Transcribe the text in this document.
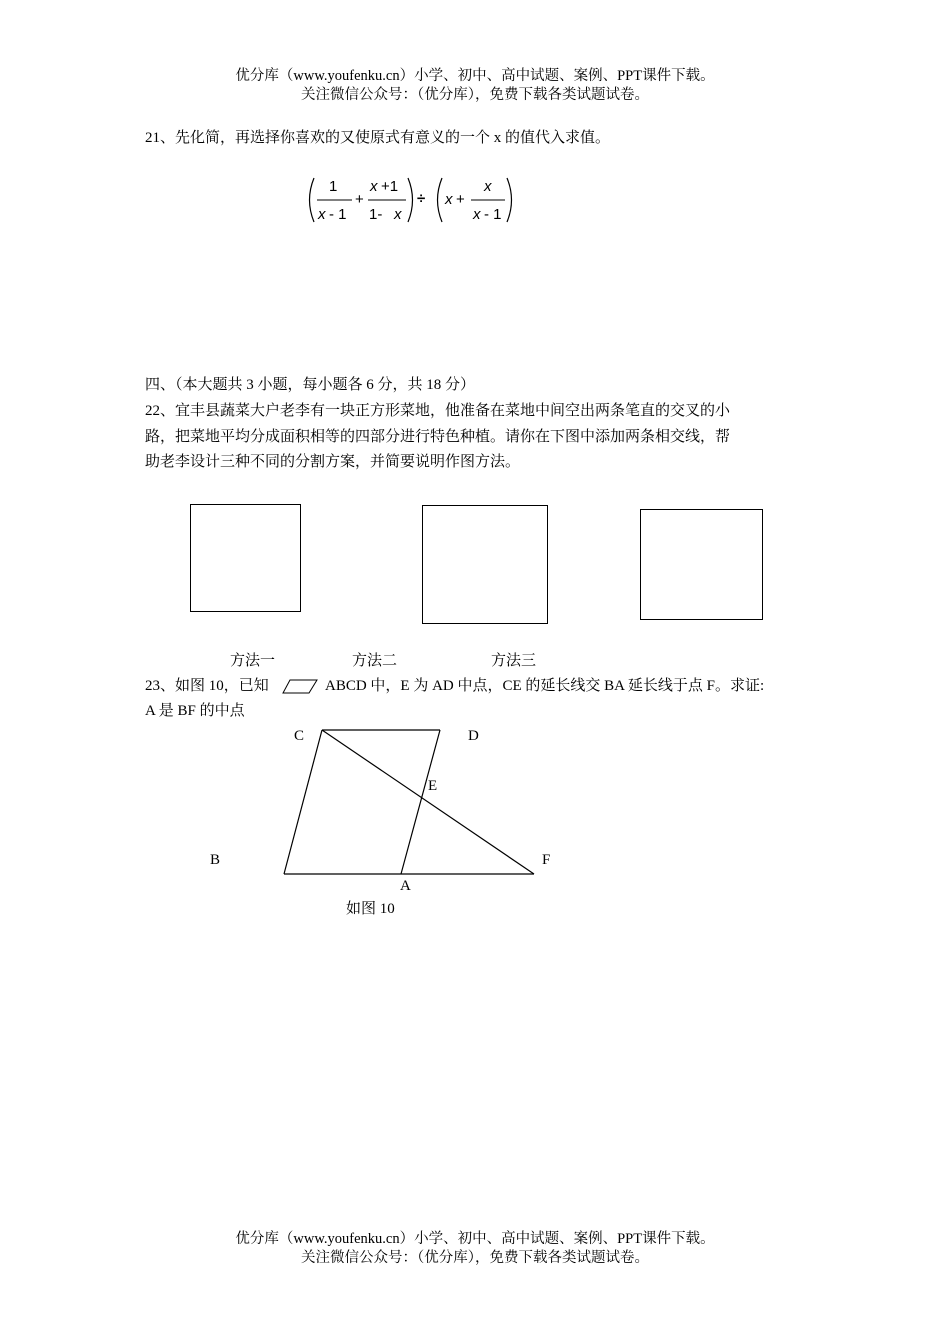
优分库（www.youfenku.cn）小学、初中、高中试题、案例、PPT课件下载。
关注微信公众号：（优分库），免费下载各类试题试卷。
21、先化简，再选择你喜欢的又使原式有意义的一个 x 的值代入求值。
1
x - 1
+
x +1
1- x
÷ x +
x
x - 1
四、（本大题共 3 小题，每小题各 6 分，共 18 分）
22、宜丰县蔬菜大户老李有一块正方形菜地，他准备在菜地中间空出两条笔直的交叉的小
路，把菜地平均分成面积相等的四部分进行特色种植。请你在下图中添加两条相交线，帮
助老李设计三种不同的分割方案，并简要说明作图方法。
方法一	方法二	方法三
23、如图 10，已知	ABCD 中，E 为 AD 中点，CE 的延长线交 BA 延长线于点 F。求证:
A 是 BF 的中点
C	D
E
B
A
F
如图 10
优分库（www.youfenku.cn）小学、初中、高中试题、案例、PPT课件下载。
关注微信公众号：（优分库），免费下载各类试题试卷。
